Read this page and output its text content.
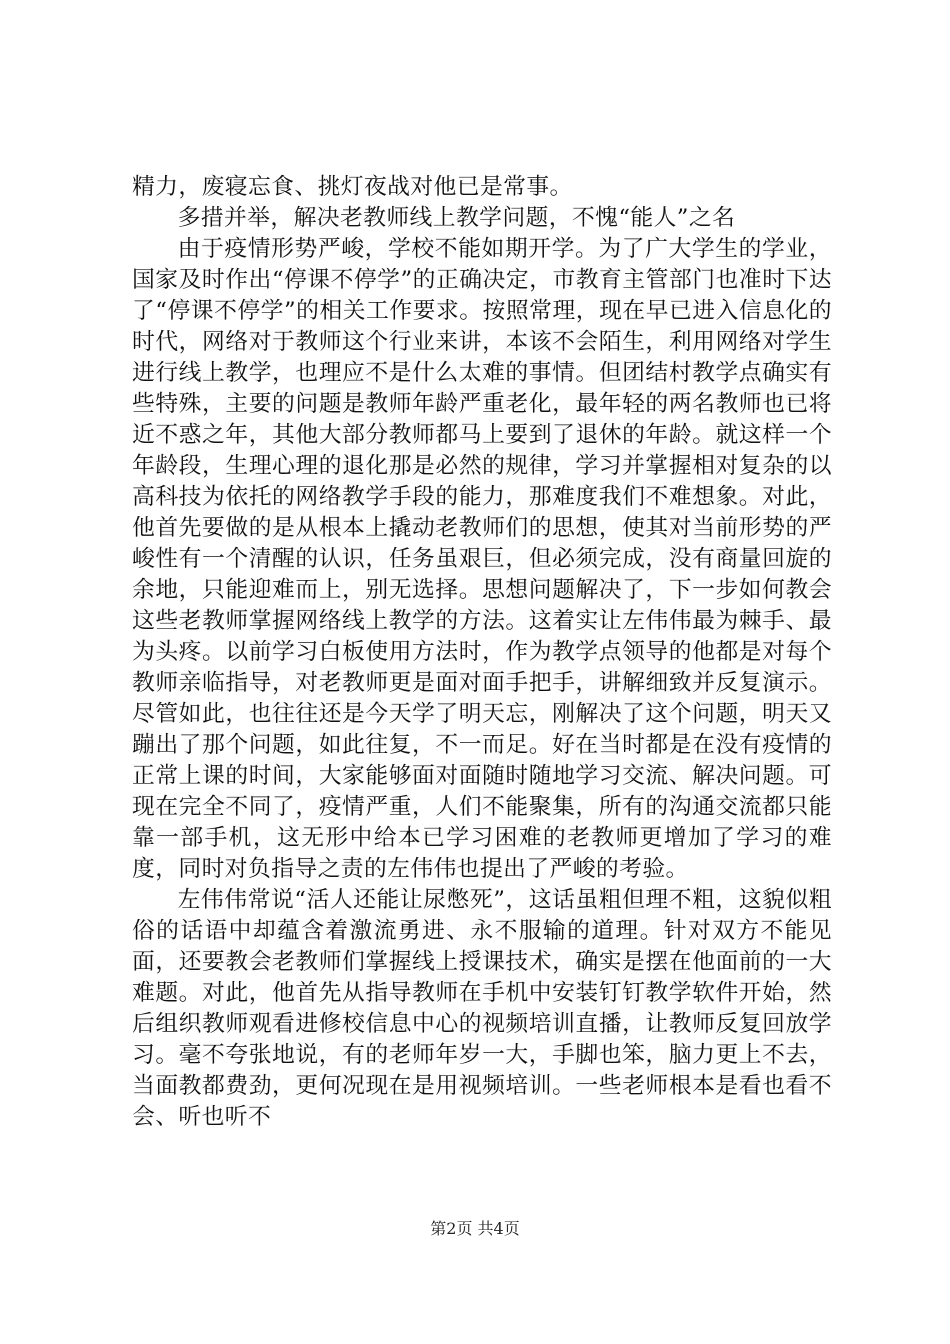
精力，废寝忘食、挑灯夜战对他已是常事。

多措并举，解决老教师线上教学问题，不愧“能人”之名

由于疫情形势严峻，学校不能如期开学。为了广大学生的学业，国家及时作出“停课不停学”的正确决定，市教育主管部门也准时下达了“停课不停学”的相关工作要求。按照常理，现在早已进入信息化的时代，网络对于教师这个行业来讲，本该不会陌生，利用网络对学生进行线上教学，也理应不是什么太难的事情。但团结村教学点确实有些特殊，主要的问题是教师年龄严重老化，最年轻的两名教师也已将近不惑之年，其他大部分教师都马上要到了退休的年龄。就这样一个年龄段，生理心理的退化那是必然的规律，学习并掌握相对复杂的以高科技为依托的网络教学手段的能力，那难度我们不难想象。对此，他首先要做的是从根本上撬动老教师们的思想，使其对当前形势的严峻性有一个清醒的认识，任务虽艰巨，但必须完成，没有商量回旋的余地，只能迎难而上，别无选择。思想问题解决了，下一步如何教会这些老教师掌握网络线上教学的方法。这着实让左伟伟最为棘手、最为头疼。以前学习白板使用方法时，作为教学点领导的他都是对每个教师亲临指导，对老教师更是面对面手把手，讲解细致并反复演示。尽管如此，也往往还是今天学了明天忘，刚解决了这个问题，明天又蹦出了那个问题，如此往复，不一而足。好在当时都是在没有疫情的正常上课的时间，大家能够面对面随时随地学习交流、解决问题。可现在完全不同了，疫情严重，人们不能聚集，所有的沟通交流都只能靠一部手机，这无形中给本已学习困难的老教师更增加了学习的难度，同时对负指导之责的左伟伟也提出了严峻的考验。

左伟伟常说“活人还能让尿憋死”，这话虽粗但理不粗，这貌似粗俗的话语中却蕴含着激流勇进、永不服输的道理。针对双方不能见面，还要教会老教师们掌握线上授课技术，确实是摆在他面前的一大难题。对此，他首先从指导教师在手机中安装钉钉教学软件开始，然后组织教师观看进修校信息中心的视频培训直播，让教师反复回放学习。毫不夸张地说，有的老师年岁一大，手脚也笨，脑力更上不去，当面教都费劲，更何况现在是用视频培训。一些老师根本是看也看不会、听也听不

第2页 共4页
